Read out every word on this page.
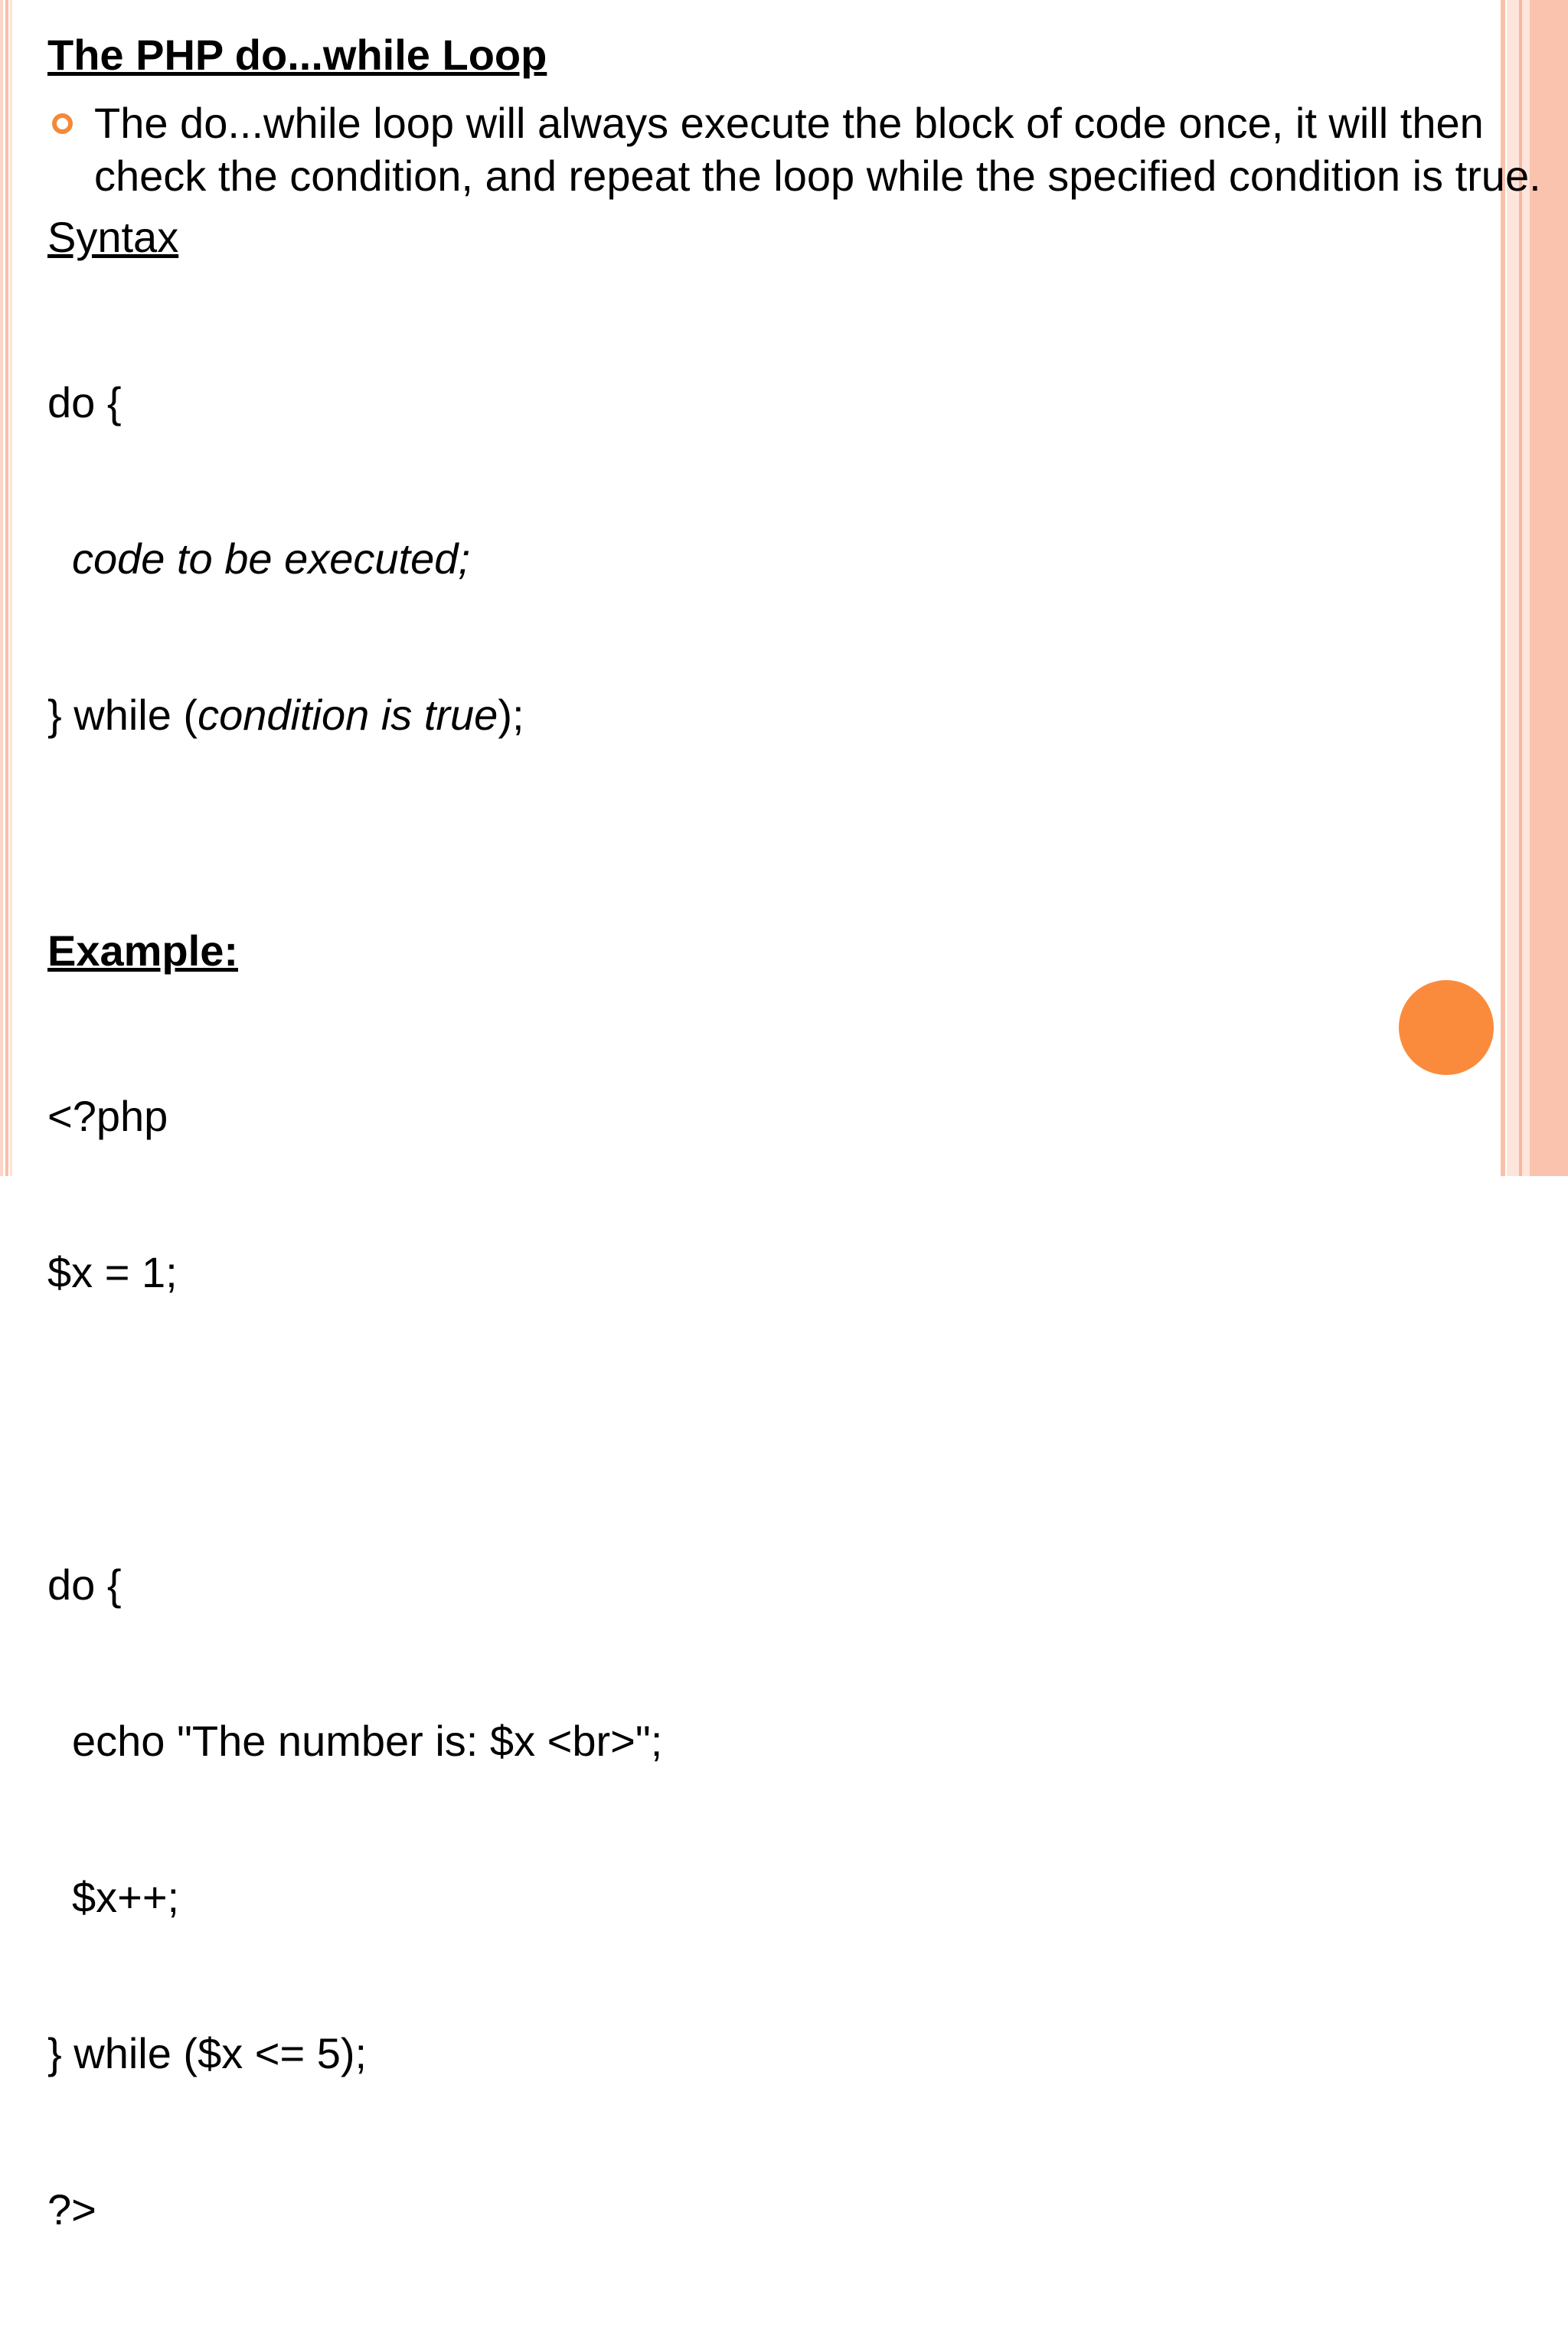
The PHP do...while Loop
The do...while loop will always execute the block of code once, it will then check the condition, and repeat the loop while the specified condition is true.
Syntax

do {

code to be executed;

} while (condition is true);

Example:

<?php

$x = 1;

do {

echo "The number is: $x <br>";

$x++;

} while ($x <= 5);

?>
